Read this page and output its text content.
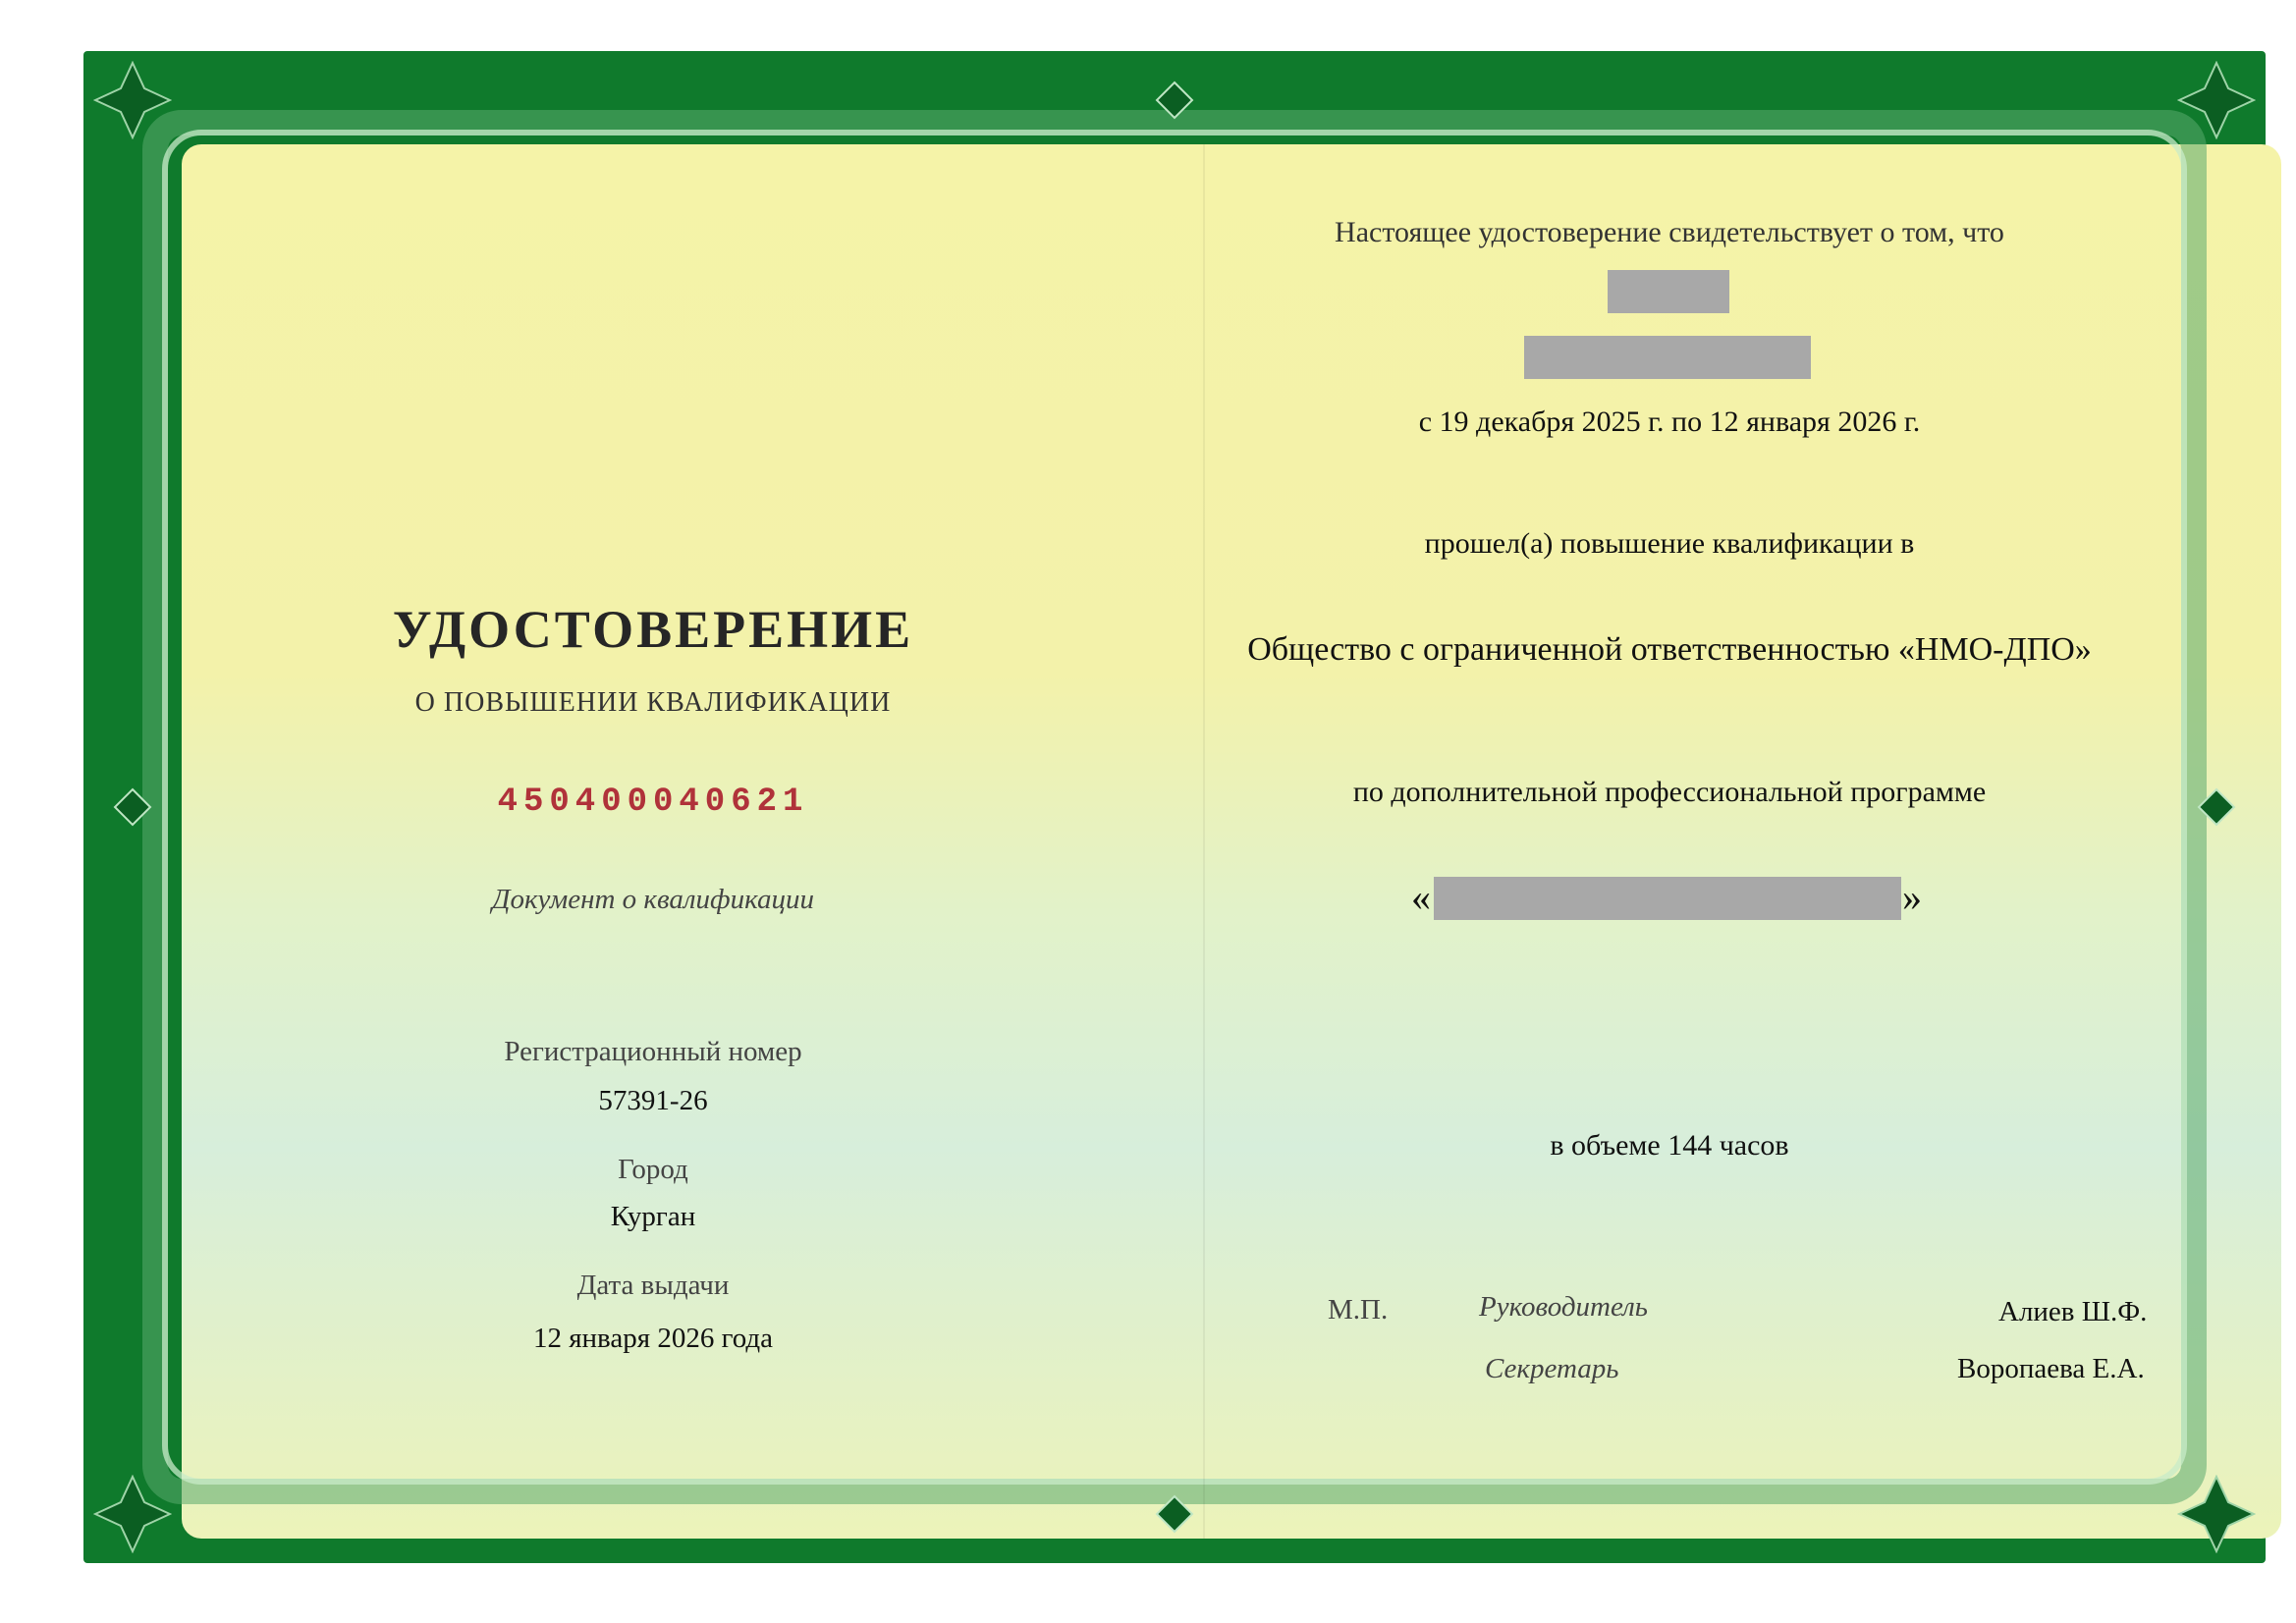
УДОСТОВЕРЕНИЕ
О ПОВЫШЕНИИ КВАЛИФИКАЦИИ
450400040621
Документ о квалификации
Регистрационный номер
57391-26
Город
Курган
Дата выдачи
12 января 2026 года
Настоящее удостоверение свидетельствует о том, что
с 19 декабря 2025 г. по 12 января 2026 г.
прошел(а) повышение квалификации в
Общество с ограниченной ответственностью «НМО-ДПО»
по дополнительной профессиональной программе
«	»
в объеме 144 часов
М.П.	Руководитель	Алиев Ш.Ф.
Секретарь	Воропаева Е.А.
